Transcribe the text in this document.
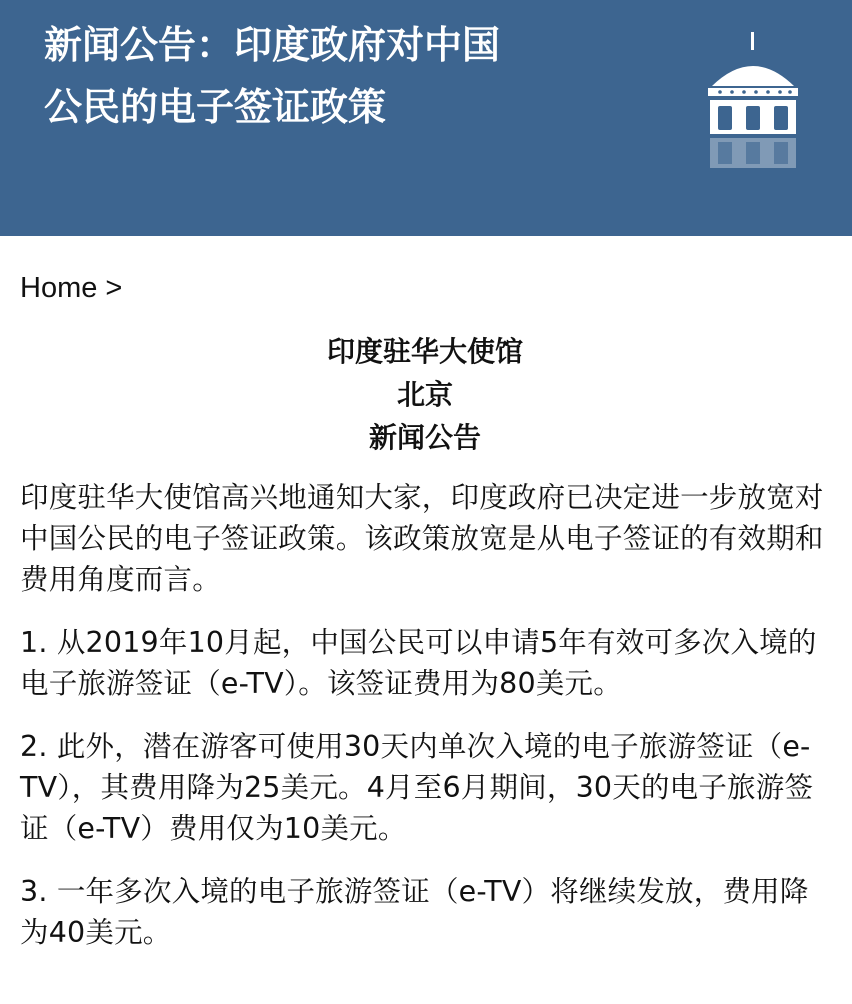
新闻公告：印度政府对中国公民的电子签证政策
Home >
印度驻华大使馆
北京
新闻公告

印度驻华大使馆高兴地通知大家，印度政府已决定进一步放宽对中国公民的电子签证政策。该政策放宽是从电子签证的有效期和费用角度而言。

1. 从2019年10月起，中国公民可以申请5年有效可多次入境的电子旅游签证（e-TV）。该签证费用为80美元。

2. 此外，潜在游客可使用30天内单次入境的电子旅游签证（e-TV），其费用降为25美元。4月至6月期间，30天的电子旅游签证（e-TV）费用仅为10美元。

3. 一年多次入境的电子旅游签证（e-TV）将继续发放，费用降为40美元。
